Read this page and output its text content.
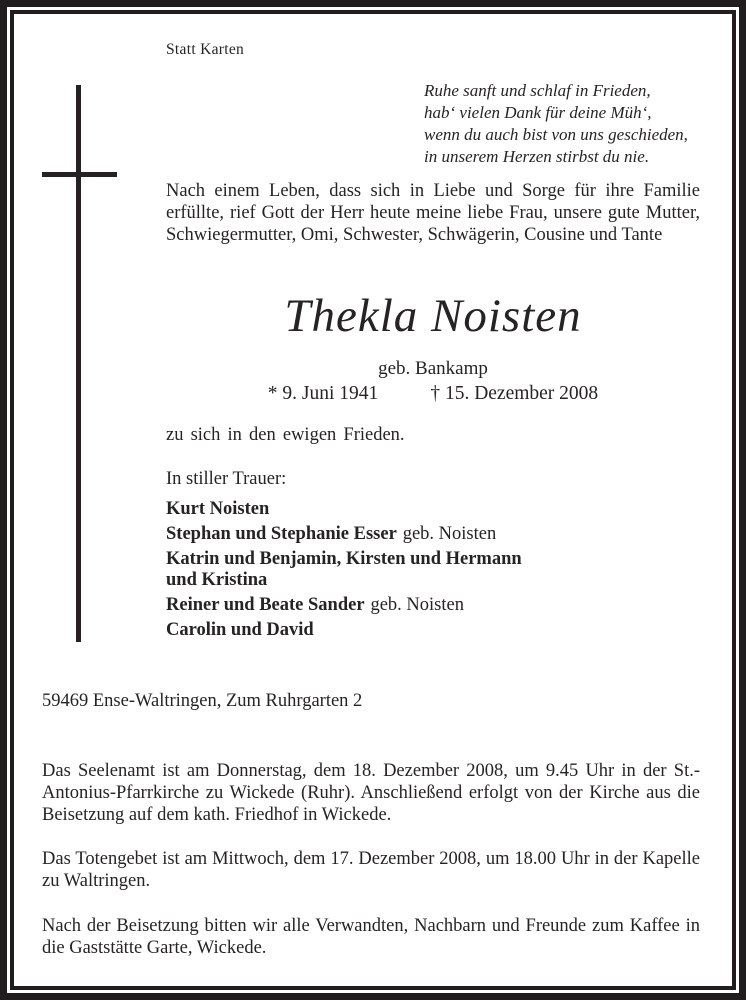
Statt Karten
Ruhe sanft und schlaf in Frieden,
hab‘ vielen Dank für deine Müh‘,
wenn du auch bist von uns geschieden,
in unserem Herzen stirbst du nie.
Nach einem Leben, dass sich in Liebe und Sorge für ihre Familie erfüllte, rief Gott der Herr heute meine liebe Frau, unsere gute Mutter, Schwiegermutter, Omi, Schwester, Schwägerin, Cousine und Tante
Thekla Noisten
geb. Bankamp
* 9. Juni 1941	† 15. Dezember 2008
zu sich in den ewigen Frieden.
In stiller Trauer:
Kurt Noisten
Stephan und Stephanie Esser geb. Noisten
Katrin und Benjamin, Kirsten und Hermann
und Kristina
Reiner und Beate Sander geb. Noisten
Carolin und David
59469 Ense-Waltringen, Zum Ruhrgarten 2
Das Seelenamt ist am Donnerstag, dem 18. Dezember 2008, um 9.45 Uhr in der St.-Antonius-Pfarrkirche zu Wickede (Ruhr). Anschließend erfolgt von der Kirche aus die Beisetzung auf dem kath. Friedhof in Wickede.
Das Totengebet ist am Mittwoch, dem 17. Dezember 2008, um 18.00 Uhr in der Kapelle zu Waltringen.
Nach der Beisetzung bitten wir alle Verwandten, Nachbarn und Freunde zum Kaffee in die Gaststätte Garte, Wickede.
